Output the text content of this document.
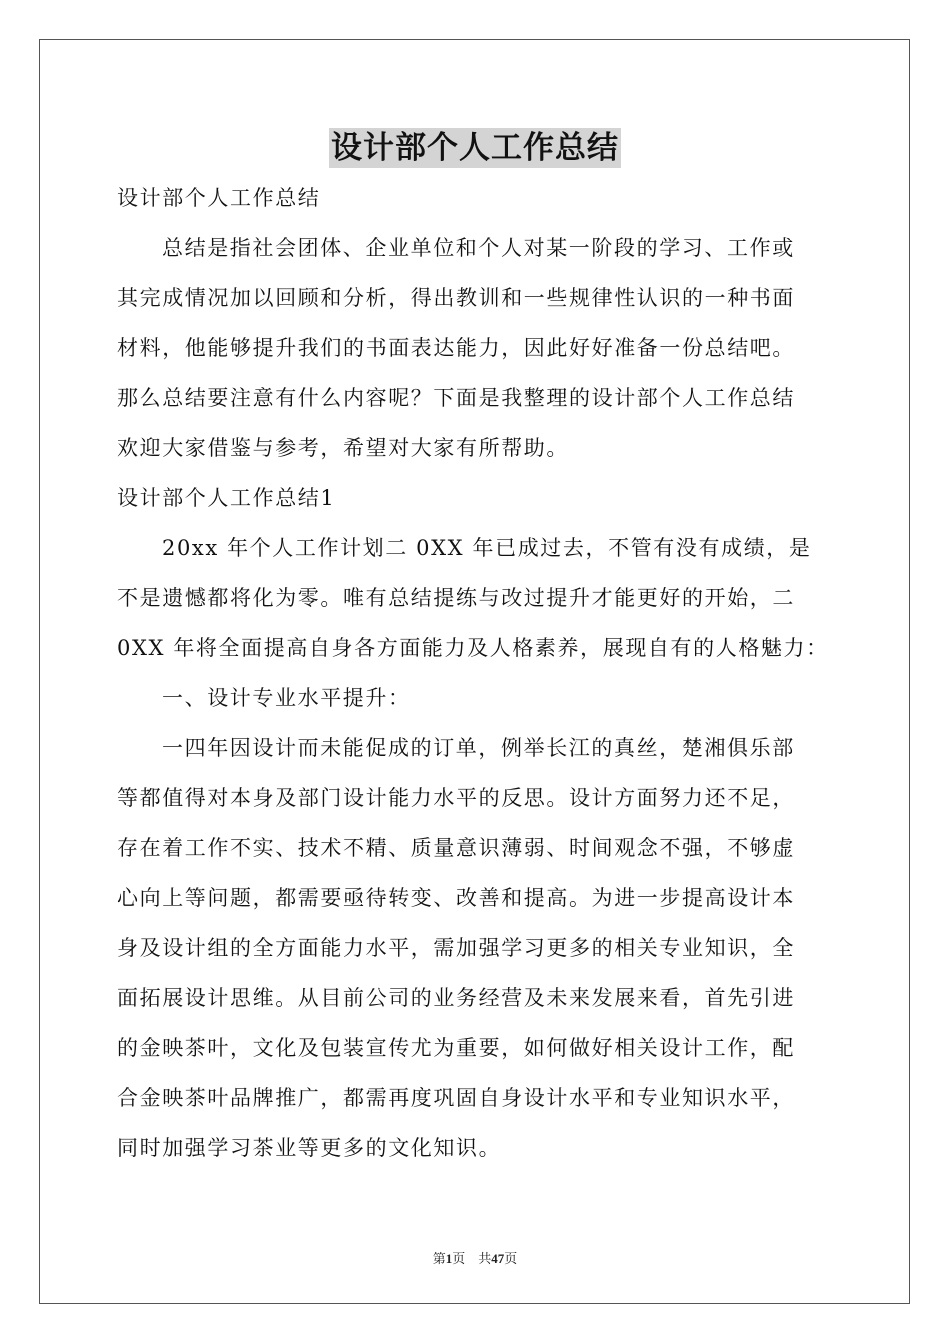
设计部个人工作总结
设计部个人工作总结
总结是指社会团体、企业单位和个人对某一阶段的学习、工作或
其完成情况加以回顾和分析，得出教训和一些规律性认识的一种书面
材料，他能够提升我们的书面表达能力，因此好好准备一份总结吧。
那么总结要注意有什么内容呢？下面是我整理的设计部个人工作总结
欢迎大家借鉴与参考，希望对大家有所帮助。
设计部个人工作总结1
20xx 年个人工作计划二 0XX 年已成过去，不管有没有成绩，是
不是遗憾都将化为零。唯有总结提练与改过提升才能更好的开始，二
0XX 年将全面提高自身各方面能力及人格素养，展现自有的人格魅力：
一、设计专业水平提升：
一四年因设计而未能促成的订单，例举长江的真丝，楚湘俱乐部
等都值得对本身及部门设计能力水平的反思。设计方面努力还不足，
存在着工作不实、技术不精、质量意识薄弱、时间观念不强，不够虚
心向上等问题，都需要亟待转变、改善和提高。为进一步提高设计本
身及设计组的全方面能力水平，需加强学习更多的相关专业知识，全
面拓展设计思维。从目前公司的业务经营及未来发展来看，首先引进
的金映茶叶，文化及包装宣传尤为重要，如何做好相关设计工作，配
合金映茶叶品牌推广，都需再度巩固自身设计水平和专业知识水平，
同时加强学习茶业等更多的文化知识。
第1页 共47页
